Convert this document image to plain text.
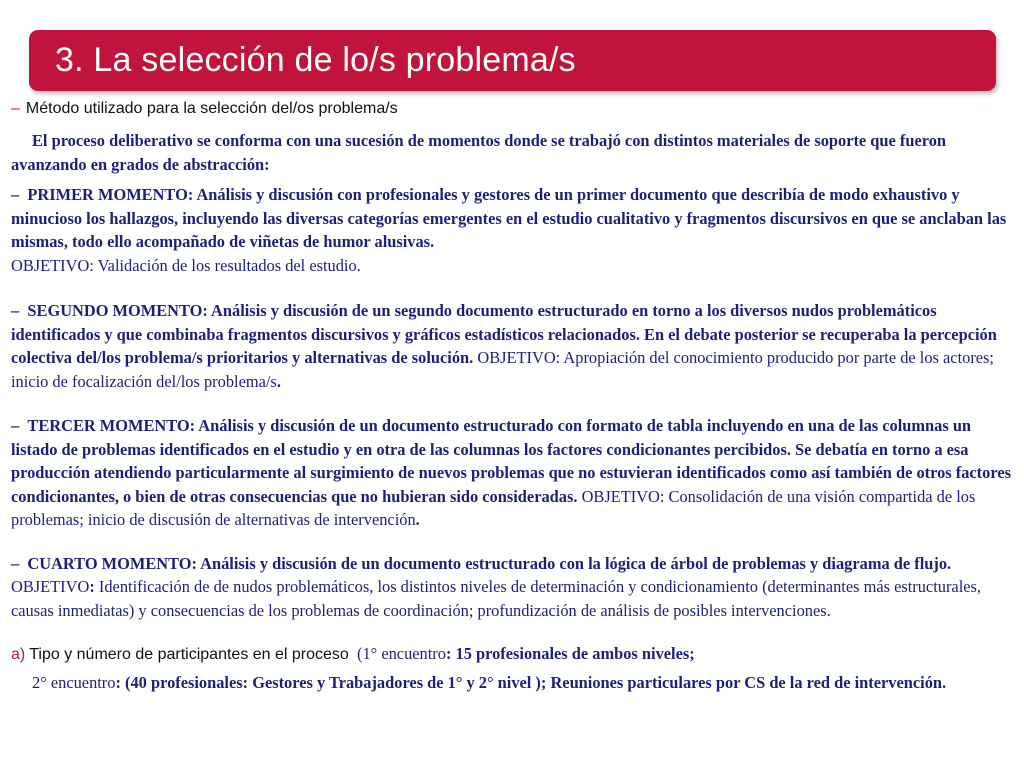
3. La selección de lo/s problema/s
– Método utilizado para la selección del/os problema/s

El proceso deliberativo se conforma con una sucesión de momentos donde se trabajó con distintos materiales de soporte que fueron avanzando en grados de abstracción:

– PRIMER MOMENTO: Análisis y discusión con profesionales y gestores de un primer documento que describía de modo exhaustivo y minucioso los hallazgos, incluyendo las diversas categorías emergentes en el estudio cualitativo y fragmentos discursivos en que se anclaban las mismas, todo ello acompañado de viñetas de humor alusivas.
OBJETIVO: Validación de los resultados del estudio.

– SEGUNDO MOMENTO: Análisis y discusión de un segundo documento estructurado en torno a los diversos nudos problemáticos identificados y que combinaba fragmentos discursivos y gráficos estadísticos relacionados. En el debate posterior se recuperaba la percepción colectiva del/los problema/s prioritarios y alternativas de solución. OBJETIVO: Apropiación del conocimiento producido por parte de los actores; inicio de focalización del/los problema/s.

– TERCER MOMENTO: Análisis y discusión de un documento estructurado con formato de tabla incluyendo en una de las columnas un listado de problemas identificados en el estudio y en otra de las columnas los factores condicionantes percibidos. Se debatía en torno a esa producción atendiendo particularmente al surgimiento de nuevos problemas que no estuvieran identificados como así también de otros factores condicionantes, o bien de otras consecuencias que no hubieran sido consideradas. OBJETIVO: Consolidación de una visión compartida de los problemas; inicio de discusión de alternativas de intervención.

– CUARTO MOMENTO: Análisis y discusión de un documento estructurado con la lógica de árbol de problemas y diagrama de flujo. OBJETIVO: Identificación de de nudos problemáticos, los distintos niveles de determinación y condicionamiento (determinantes más estructurales, causas inmediatas) y consecuencias de los problemas de coordinación; profundización de análisis de posibles intervenciones.

a) Tipo y número de participantes en el proceso (1° encuentro: 15 profesionales de ambos niveles;

2° encuentro: (40 profesionales: Gestores y Trabajadores de 1° y 2° nivel ); Reuniones particulares por CS de la red de intervención.
